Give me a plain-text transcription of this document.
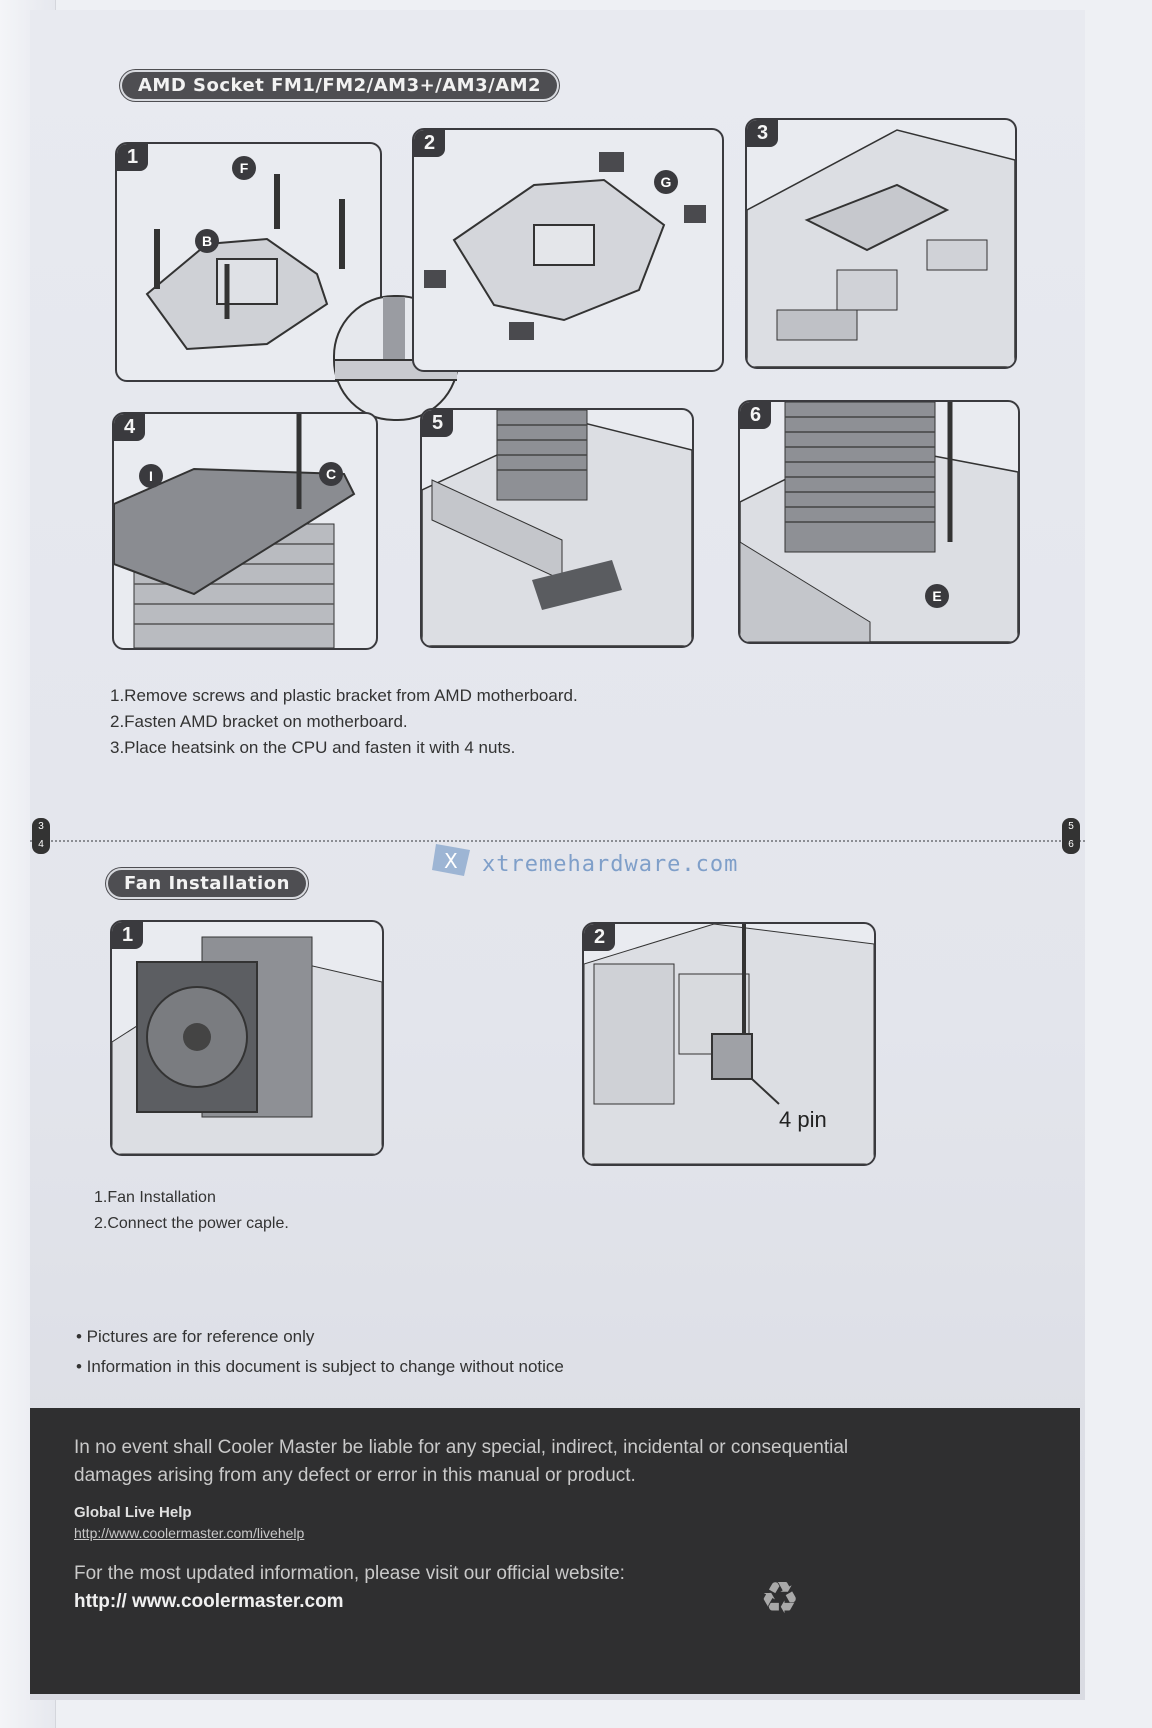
3
4
5
6
AMD Socket FM1/FM2/AM3+/AM3/AM2
1	F
B
2
G
3
4
I	C
5	6
E
1.Remove screws and plastic bracket from AMD motherboard.
2.Fasten AMD bracket on motherboard.
3.Place heatsink on the CPU and fasten it with 4 nuts.
X xtremehardware.com
Fan Installation
1	2
4 pin
1.Fan Installation
2.Connect the power caple.
• Pictures are for reference only
• Information in this document is subject to change without notice
In no event shall Cooler Master be liable for any special, indirect, incidental or consequential damages arising from any defect or error in this manual or product.
Global Live Help
http://www.coolermaster.com/livehelp
For the most updated information, please visit our official website:
http:// www.coolermaster.com	♻
